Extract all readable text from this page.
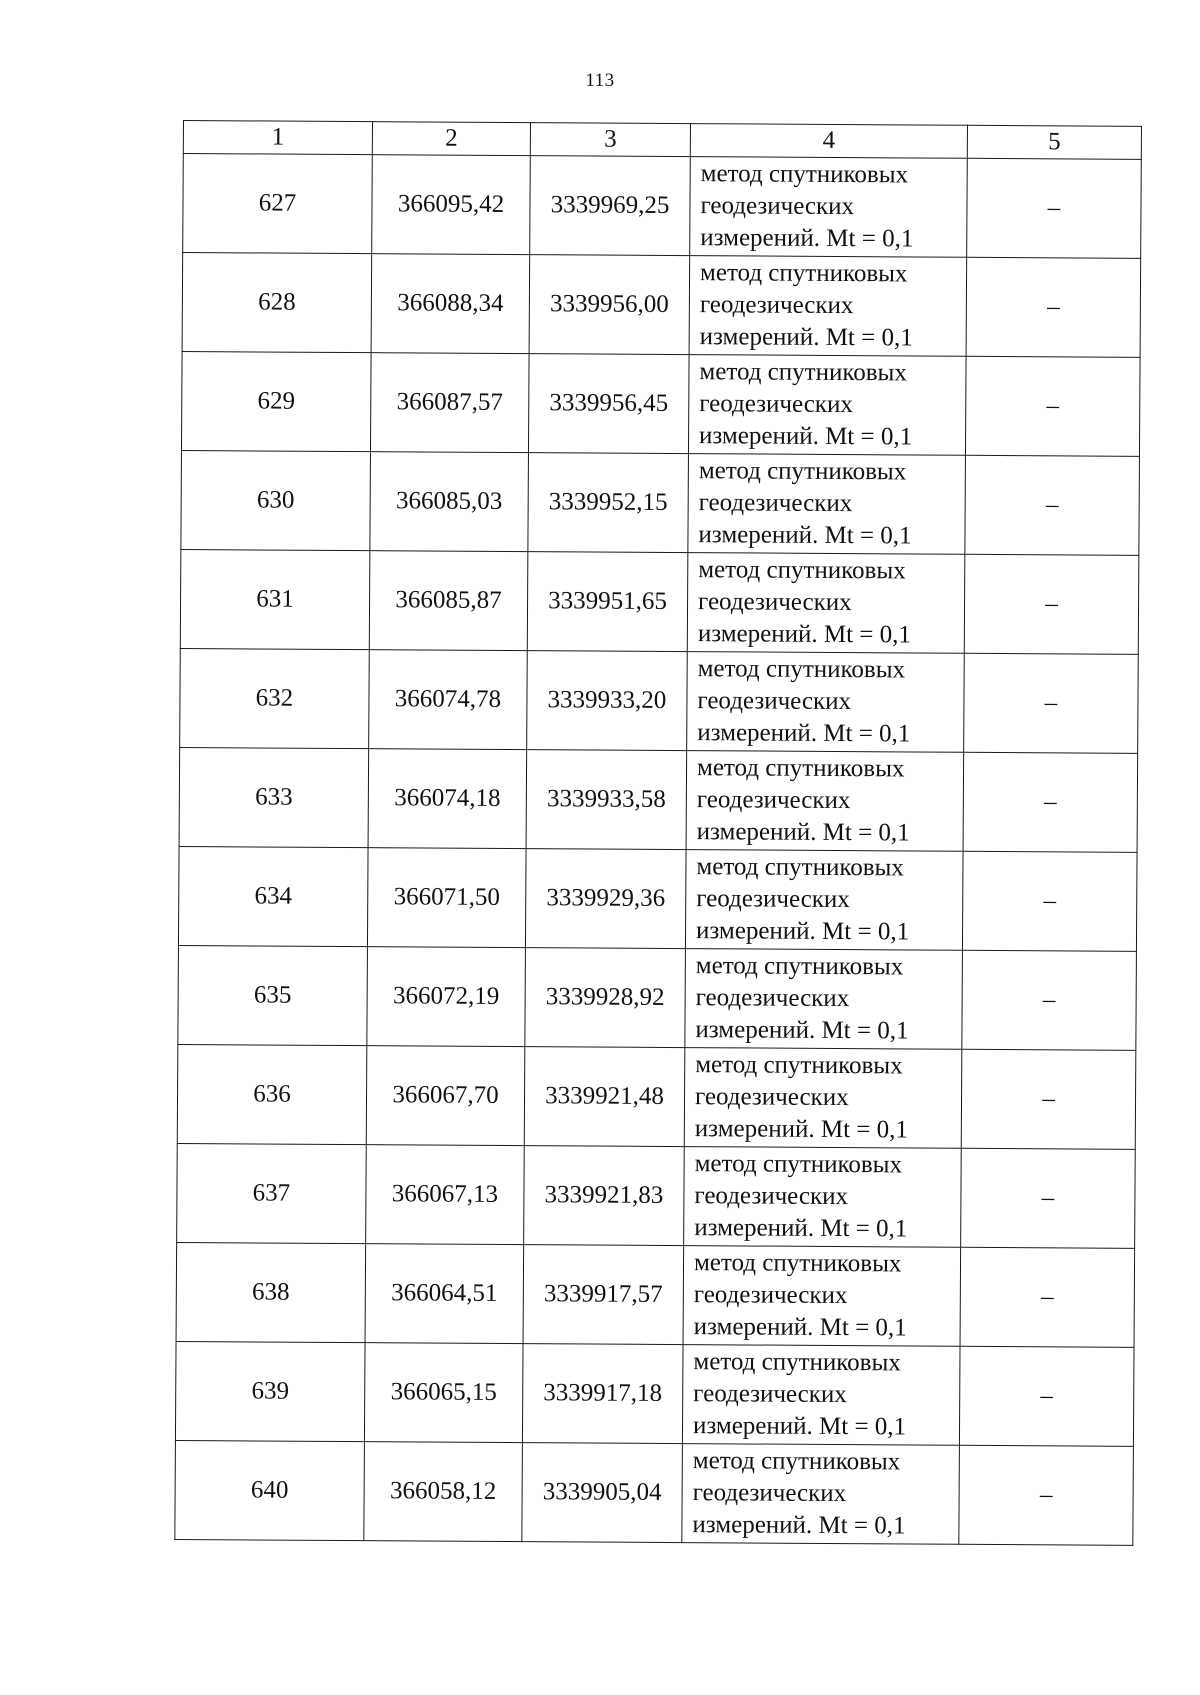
113
1	2	3	4	5
627	366095,42	3339969,25	метод спутниковых
геодезических
измерений. Mt = 0,1	–
628	366088,34	3339956,00	метод спутниковых
геодезических
измерений. Mt = 0,1	–
629	366087,57	3339956,45	метод спутниковых
геодезических
измерений. Mt = 0,1	–
630	366085,03	3339952,15	метод спутниковых
геодезических
измерений. Mt = 0,1	–
631	366085,87	3339951,65	метод спутниковых
геодезических
измерений. Mt = 0,1	–
632	366074,78	3339933,20	метод спутниковых
геодезических
измерений. Mt = 0,1	–
633	366074,18	3339933,58	метод спутниковых
геодезических
измерений. Mt = 0,1	–
634	366071,50	3339929,36	метод спутниковых
геодезических
измерений. Mt = 0,1	–
635	366072,19	3339928,92	метод спутниковых
геодезических
измерений. Mt = 0,1	–
636	366067,70	3339921,48	метод спутниковых
геодезических
измерений. Mt = 0,1	–
637	366067,13	3339921,83	метод спутниковых
геодезических
измерений. Mt = 0,1	–
638	366064,51	3339917,57	метод спутниковых
геодезических
измерений. Mt = 0,1	–
639	366065,15	3339917,18	метод спутниковых
геодезических
измерений. Mt = 0,1	–
640	366058,12	3339905,04	метод спутниковых
геодезических
измерений. Mt = 0,1	–
